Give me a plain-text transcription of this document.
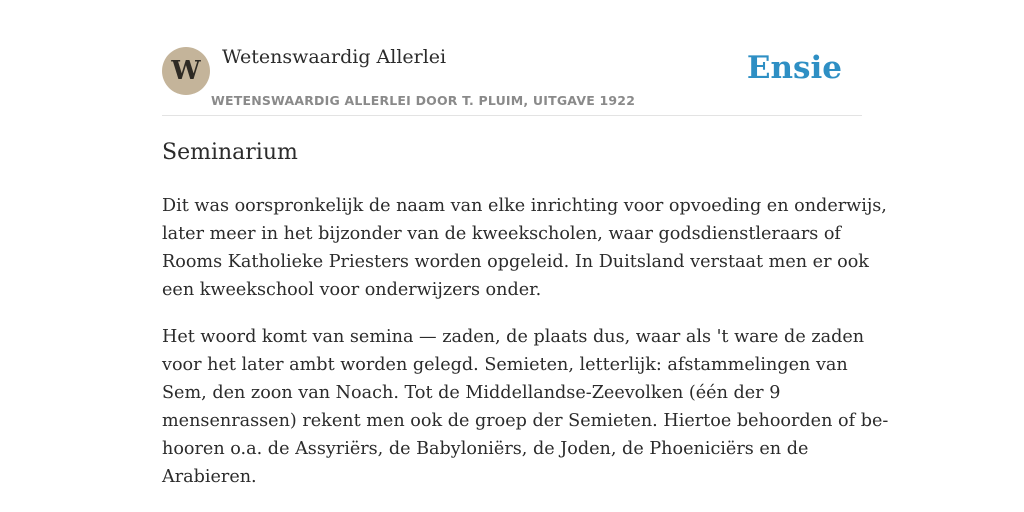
W Wetenswaardig Allerlei
WETENSWAARDIG ALLERLEI DOOR T. PLUIM, UITGAVE 1922
Ensie
Seminarium

Dit was oorspronkelijk de naam van elke inrichting voor opvoeding en onderwijs,
later meer in het bijzonder van de kweekscholen, waar godsdienstleraars of
Rooms Katholieke Priesters worden opgeleid. In Duitsland verstaat men er ook
een kweekschool voor onderwijzers onder.

Het woord komt van semina — zaden, de plaats dus, waar als 't ware de zaden
voor het later ambt worden gelegd. Semieten, letterlijk: afstammelingen van
Sem, den zoon van Noach. Tot de Middellandse-Zeevolken (één der 9
mensenrassen) rekent men ook de groep der Semieten. Hiertoe behoorden of be-
hooren o.a. de Assyriërs, de Babyloniërs, de Joden, de Phoeniciërs en de
Arabieren.
